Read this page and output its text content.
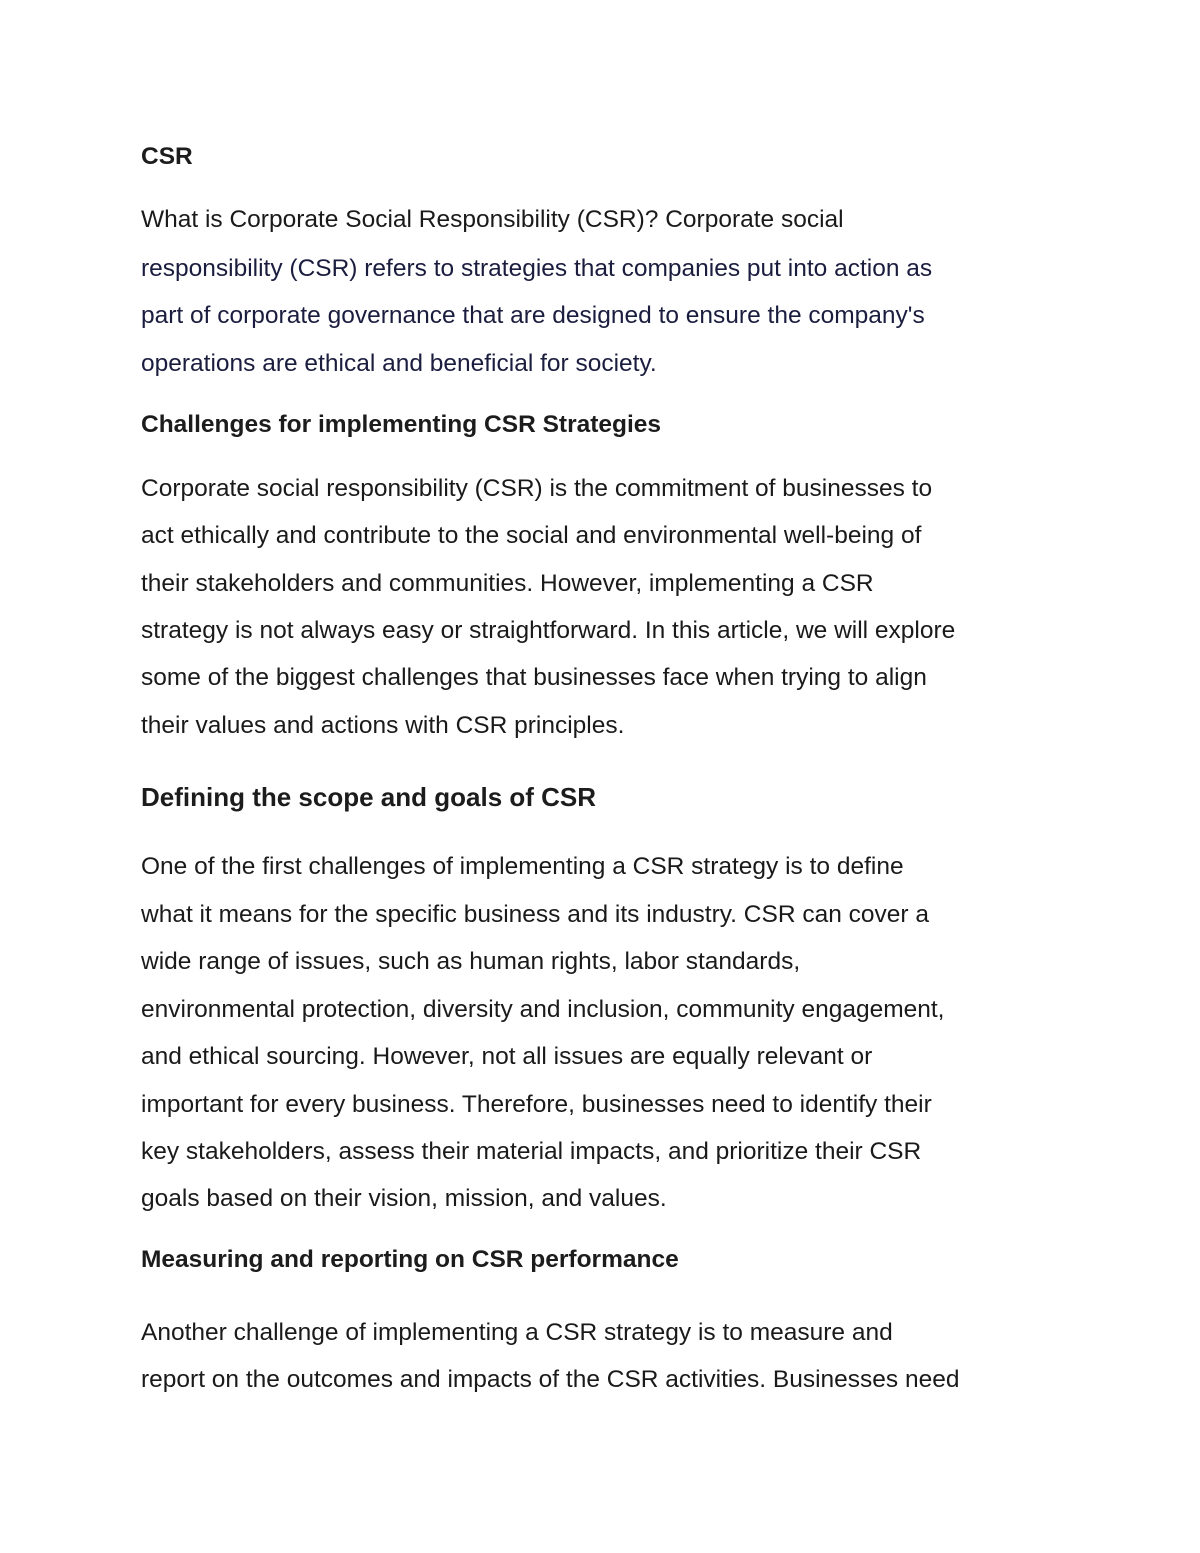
CSR
What is Corporate Social Responsibility (CSR)? Corporate social
responsibility (CSR) refers to strategies that companies put into action as
part of corporate governance that are designed to ensure the company's
operations are ethical and beneficial for society.
Challenges for implementing CSR Strategies
Corporate social responsibility (CSR) is the commitment of businesses to
act ethically and contribute to the social and environmental well-being of
their stakeholders and communities. However, implementing a CSR
strategy is not always easy or straightforward. In this article, we will explore
some of the biggest challenges that businesses face when trying to align
their values and actions with CSR principles.
Defining the scope and goals of CSR
One of the first challenges of implementing a CSR strategy is to define
what it means for the specific business and its industry. CSR can cover a
wide range of issues, such as human rights, labor standards,
environmental protection, diversity and inclusion, community engagement,
and ethical sourcing. However, not all issues are equally relevant or
important for every business. Therefore, businesses need to identify their
key stakeholders, assess their material impacts, and prioritize their CSR
goals based on their vision, mission, and values.
Measuring and reporting on CSR performance
Another challenge of implementing a CSR strategy is to measure and
report on the outcomes and impacts of the CSR activities. Businesses need
